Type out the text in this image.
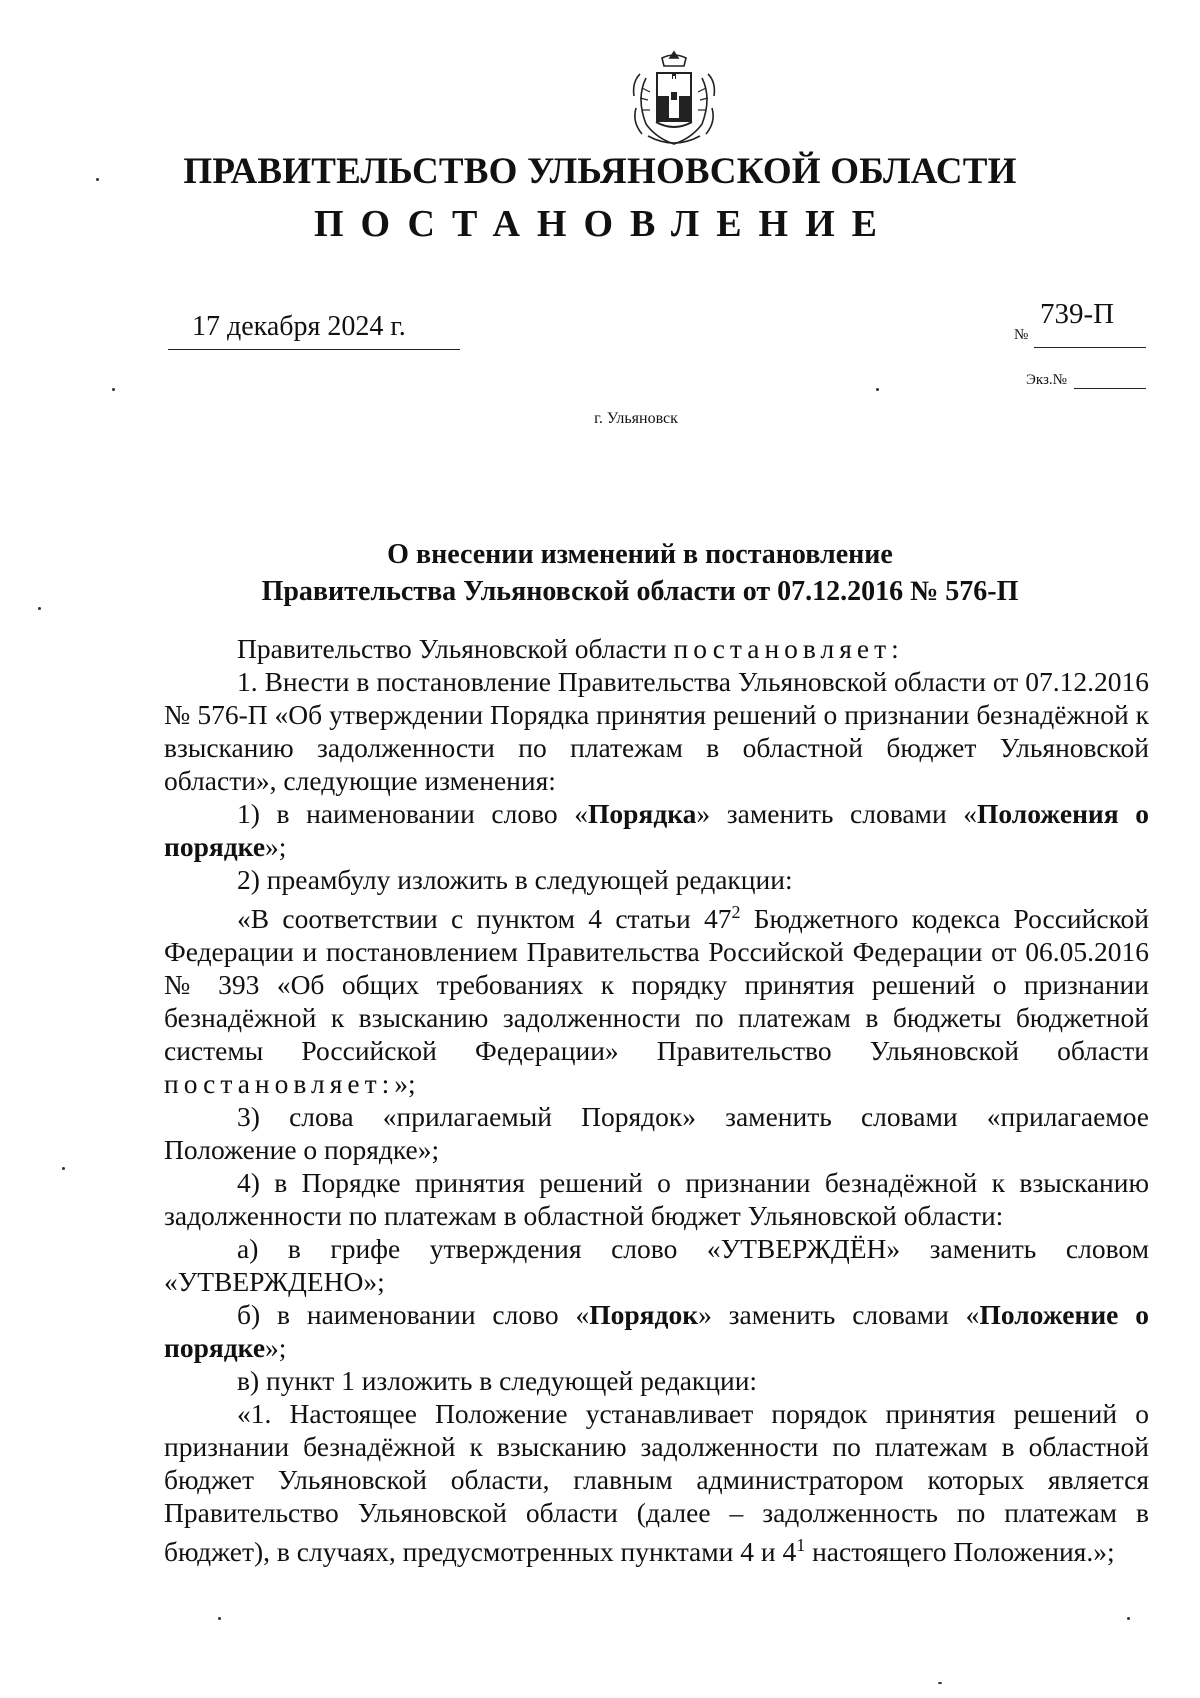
ПРАВИТЕЛЬСТВО УЛЬЯНОВСКОЙ ОБЛАСТИ
ПОСТАНОВЛЕНИЕ
17 декабря 2024 г.	739-П
№
Экз.№
г. Ульяновск
О внесении изменений в постановление
Правительства Ульяновской области от 07.12.2016 № 576-П

Правительство Ульяновской области постановляет:

1. Внести в постановление Правительства Ульяновской области от 07.12.2016 № 576-П «Об утверждении Порядка принятия решений о признании безнадёжной к взысканию задолженности по платежам в областной бюджет Ульяновской области», следующие изменения:

1) в наименовании слово «Порядка» заменить словами «Положения о порядке»;

2) преамбулу изложить в следующей редакции:

«В соответствии с пунктом 4 статьи $47^2$ Бюджетного кодекса Российской Федерации и постановлением Правительства Российской Федерации от 06.05.2016 № 393 «Об общих требованиях к порядку принятия решений о признании безнадёжной к взысканию задолженности по платежам в бюджеты бюджетной системы Российской Федерации» Правительство Ульяновской области постановляет:»;

3) слова «прилагаемый Порядок» заменить словами «прилагаемое Положение о порядке»;

4) в Порядке принятия решений о признании безнадёжной к взысканию задолженности по платежам в областной бюджет Ульяновской области:

а) в грифе утверждения слово «УТВЕРЖДЁН» заменить словом «УТВЕРЖДЕНО»;

б) в наименовании слово «Порядок» заменить словами «Положение о порядке»;

в) пункт 1 изложить в следующей редакции:

«1. Настоящее Положение устанавливает порядок принятия решений о признании безнадёжной к взысканию задолженности по платежам в областной бюджет Ульяновской области, главным администратором которых является Правительство Ульяновской области (далее – задолженность по платежам в бюджет), в случаях, предусмотренных пунктами 4 и $4^1$ настоящего Положения.»;
